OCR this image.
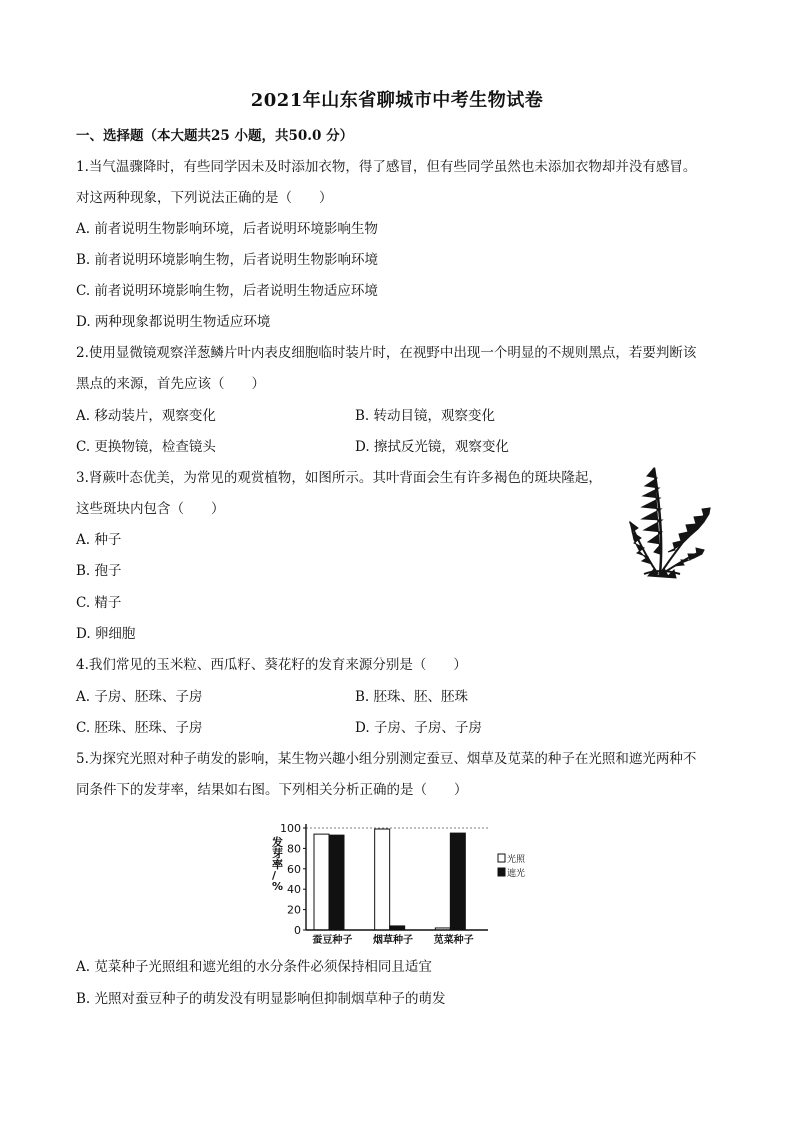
2021年山东省聊城市中考生物试卷
一、选择题（本大题共25 小题，共50.0 分）
1.当气温骤降时，有些同学因未及时添加衣物，得了感冒，但有些同学虽然也未添加衣物却并没有感冒。
对这两种现象，下列说法正确的是（　　）
A. 前者说明生物影响环境，后者说明环境影响生物
B. 前者说明环境影响生物，后者说明生物影响环境
C. 前者说明环境影响生物，后者说明生物适应环境
D. 两种现象都说明生物适应环境
2.使用显微镜观察洋葱鳞片叶内表皮细胞临时装片时，在视野中出现一个明显的不规则黑点，若要判断该
黑点的来源，首先应该（　　）
A. 移动装片，观察变化	B. 转动目镜，观察变化
C. 更换物镜，检查镜头	D. 擦拭反光镜，观察变化
3.肾蕨叶态优美，为常见的观赏植物，如图所示。其叶背面会生有许多褐色的斑块隆起，
这些斑块内包含（　　）
A. 种子
B. 孢子
C. 精子
D. 卵细胞
4.我们常见的玉米粒、西瓜籽、葵花籽的发育来源分别是（　　）
A. 子房、胚珠、子房	B. 胚珠、胚、胚珠
C. 胚珠、胚珠、子房	D. 子房、子房、子房
5.为探究光照对种子萌发的影响，某生物兴趣小组分别测定蚕豆、烟草及苋菜的种子在光照和遮光两种不
同条件下的发芽率，结果如右图。下列相关分析正确的是（　　）
0
20
40
60
80
100
发芽率/ %
蚕豆种子 烟草种子 苋菜种子
光照
遮光
A. 苋菜种子光照组和遮光组的水分条件必须保持相同且适宜
B. 光照对蚕豆种子的萌发没有明显影响但抑制烟草种子的萌发
